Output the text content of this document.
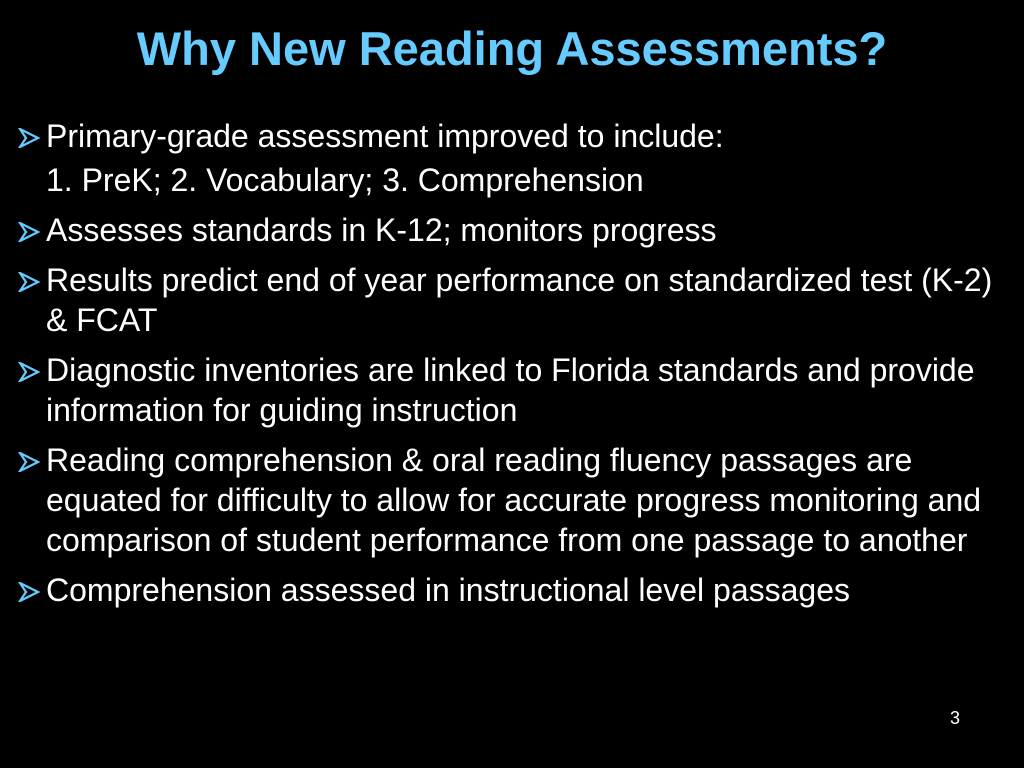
Why New Reading Assessments?
Primary-grade assessment improved to include:
1. PreK; 2. Vocabulary; 3. Comprehension
Assesses standards in K-12; monitors progress
Results predict end of year performance on standardized test (K-2) & FCAT
Diagnostic inventories are linked to Florida standards and provide information for guiding instruction
Reading comprehension & oral reading fluency passages are equated for difficulty to allow for accurate progress monitoring and comparison of student performance from one passage to another
Comprehension assessed in instructional level passages
3
